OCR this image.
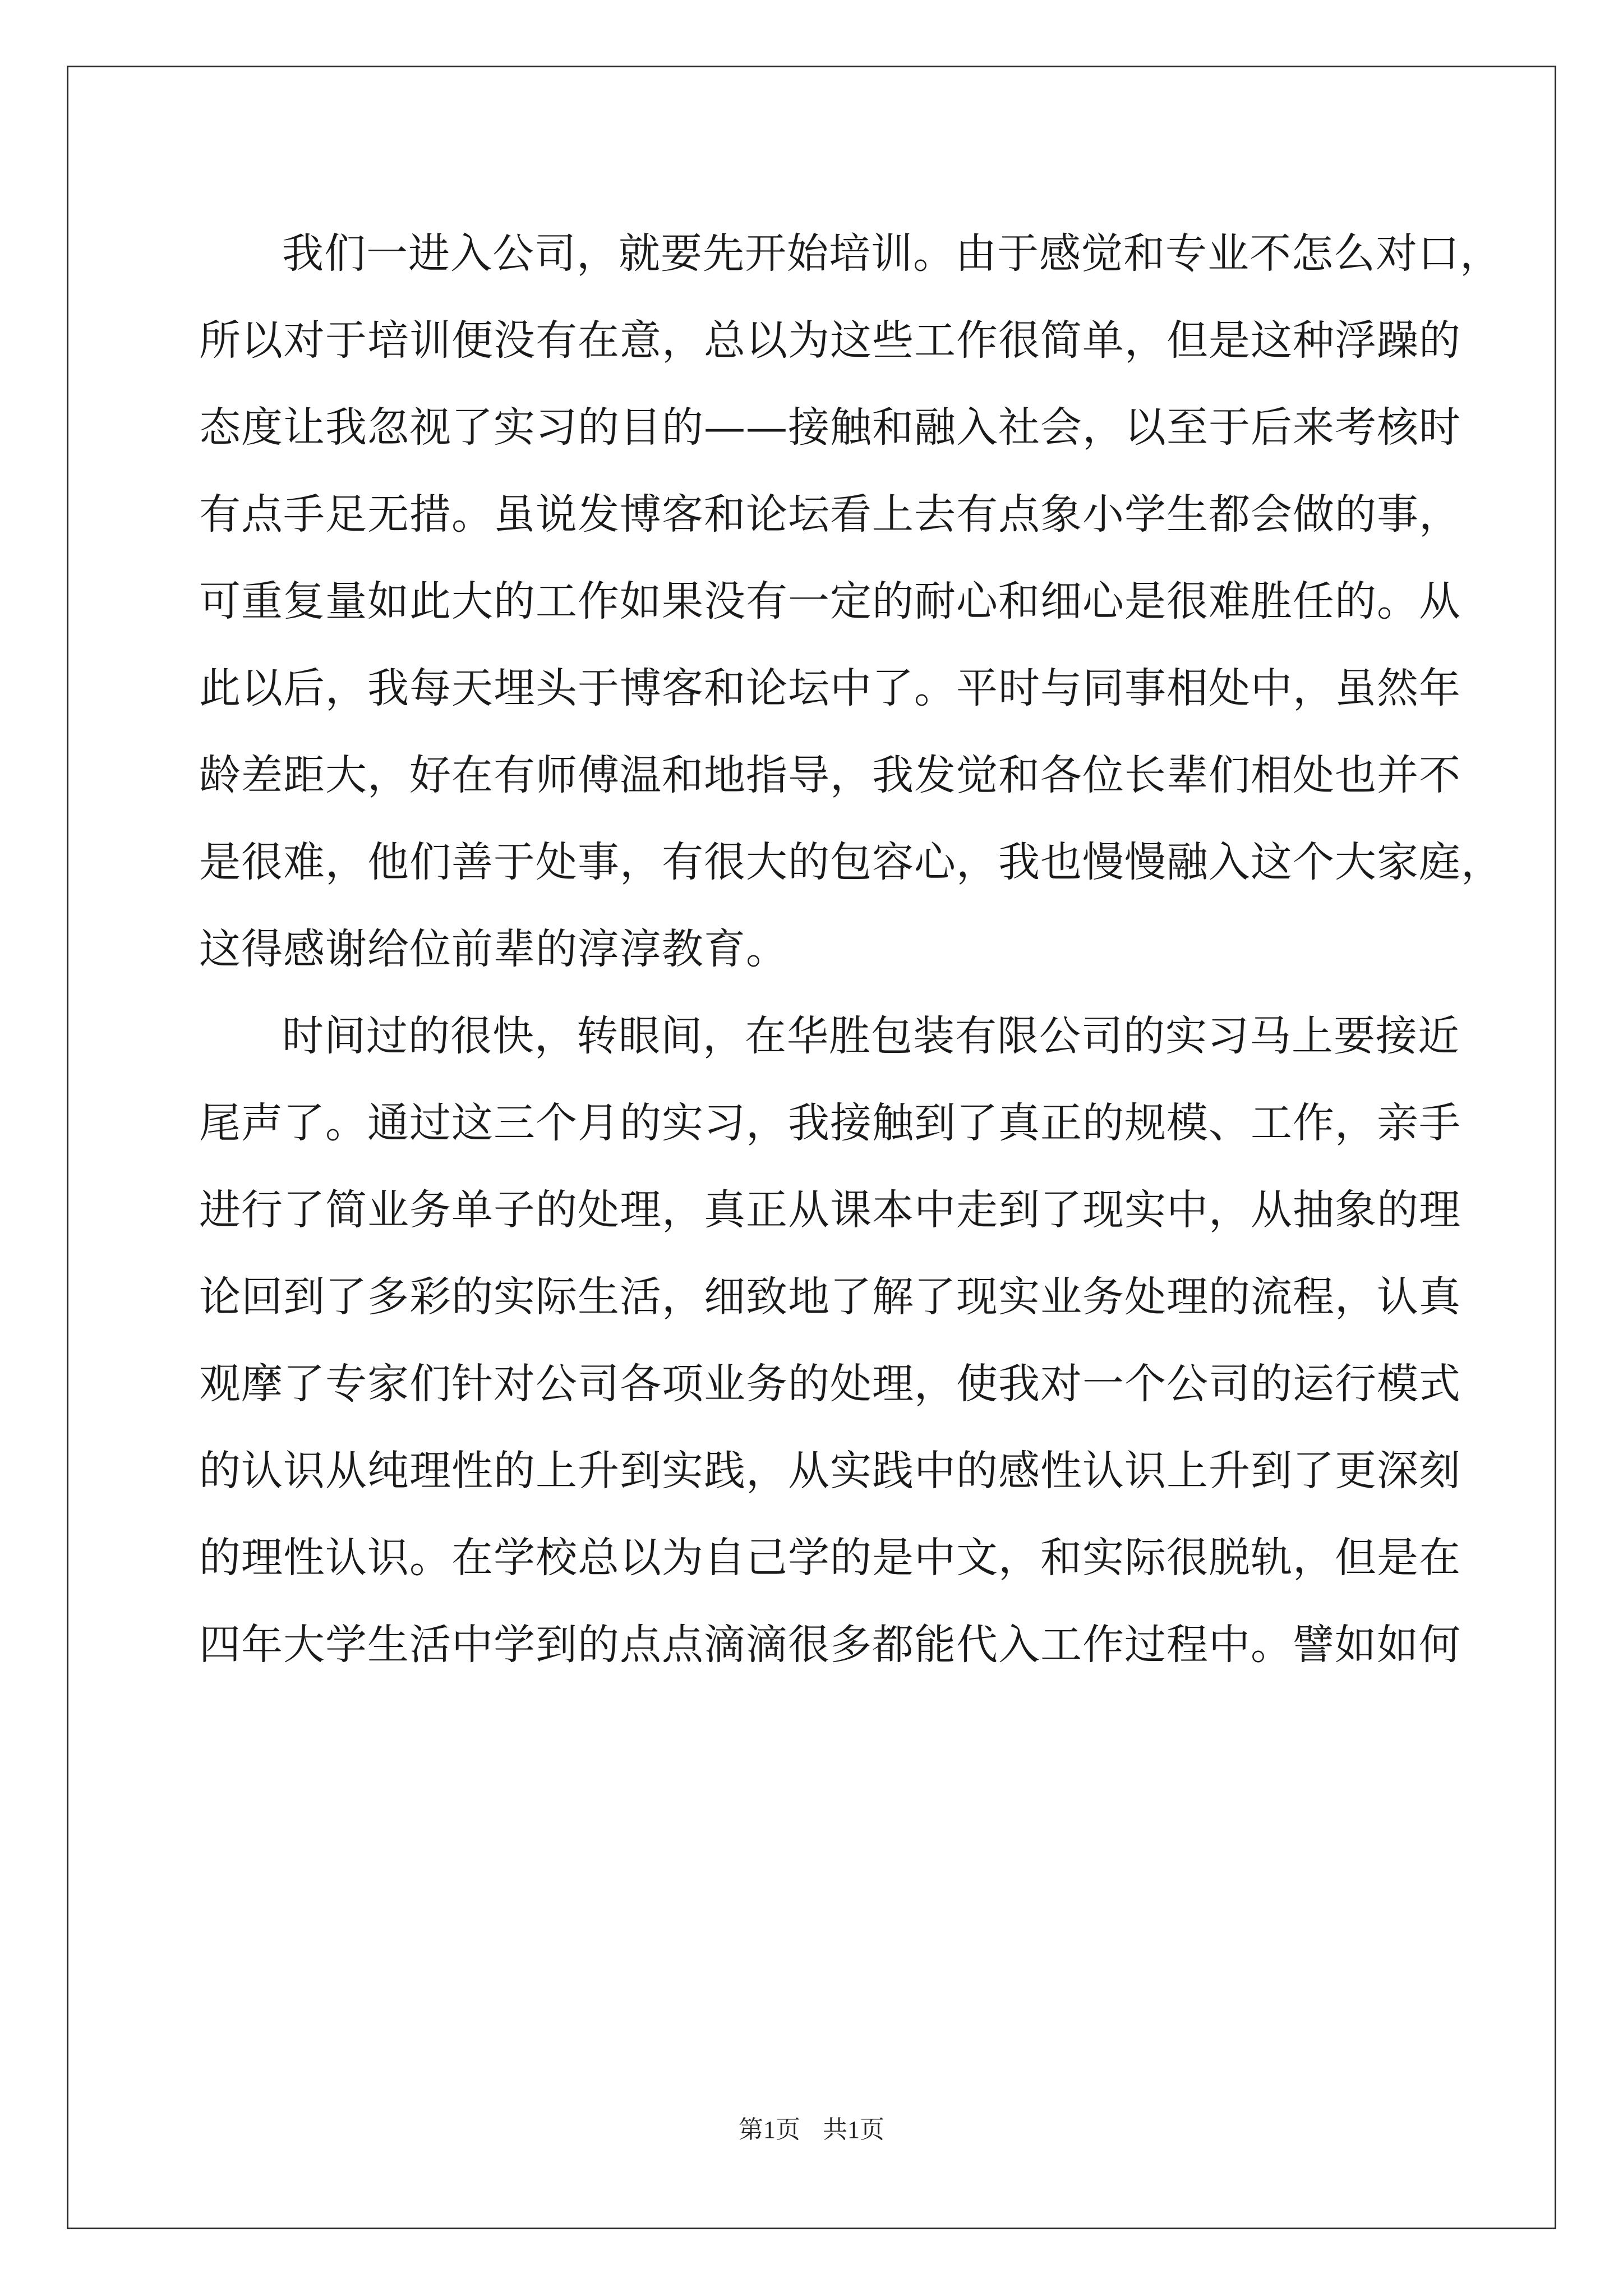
我们一进入公司，就要先开始培训。由于感觉和专业不怎么对口，
所以对于培训便没有在意，总以为这些工作很简单，但是这种浮躁的
态度让我忽视了实习的目的——接触和融入社会，以至于后来考核时
有点手足无措。虽说发博客和论坛看上去有点象小学生都会做的事，
可重复量如此大的工作如果没有一定的耐心和细心是很难胜任的。从
此以后，我每天埋头于博客和论坛中了。平时与同事相处中，虽然年
龄差距大，好在有师傅温和地指导，我发觉和各位长辈们相处也并不
是很难，他们善于处事，有很大的包容心，我也慢慢融入这个大家庭，
这得感谢给位前辈的淳淳教育。
时间过的很快，转眼间，在华胜包装有限公司的实习马上要接近
尾声了。通过这三个月的实习，我接触到了真正的规模、工作，亲手
进行了简业务单子的处理，真正从课本中走到了现实中，从抽象的理
论回到了多彩的实际生活，细致地了解了现实业务处理的流程，认真
观摩了专家们针对公司各项业务的处理，使我对一个公司的运行模式
的认识从纯理性的上升到实践，从实践中的感性认识上升到了更深刻
的理性认识。在学校总以为自己学的是中文，和实际很脱轨，但是在
四年大学生活中学到的点点滴滴很多都能代入工作过程中。譬如如何
第1页 共1页
